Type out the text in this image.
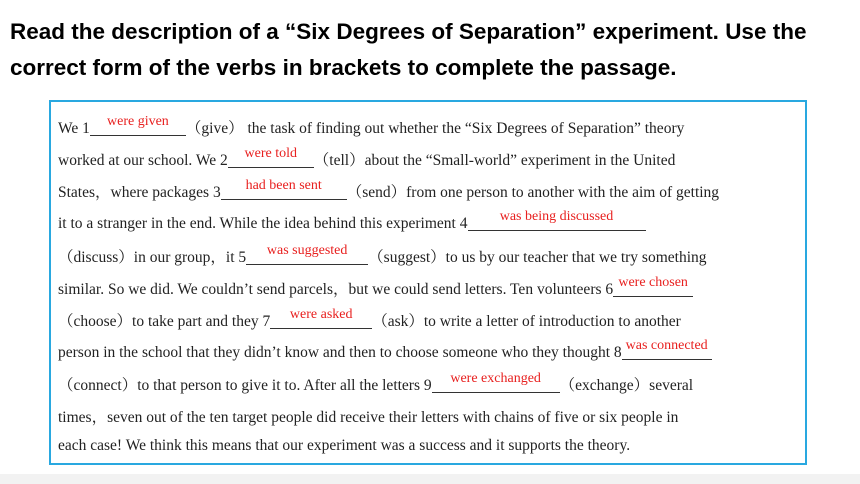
Read the description of a “Six Degrees of Separation” experiment. Use the correct form of the verbs in brackets to complete the passage.
We 1	were given	（give） the task of finding out whether the “Six Degrees of Separation” theory
worked at our school. We 2	were told	（tell）about the “Small-world” experiment in the United
States，where packages 3	had been sent	（send）from one person to another with the aim of getting
it to a stranger in the end. While the idea behind this experiment 4	was being discussed
（discuss）in our group，it 5	was suggested	（suggest）to us by our teacher that we try something
similar. So we did. We couldn’t send parcels，but we could send letters. Ten volunteers 6 were chosen
（choose）to take part and they 7	were asked	（ask）to write a letter of introduction to another
person in the school that they didn’t know and then to choose someone who they thought 8 was connected
（connect）to that person to give it to. After all the letters 9	were exchanged	（exchange）several
times，seven out of the ten target people did receive their letters with chains of five or six people in
each case! We think this means that our experiment was a success and it supports the theory.
